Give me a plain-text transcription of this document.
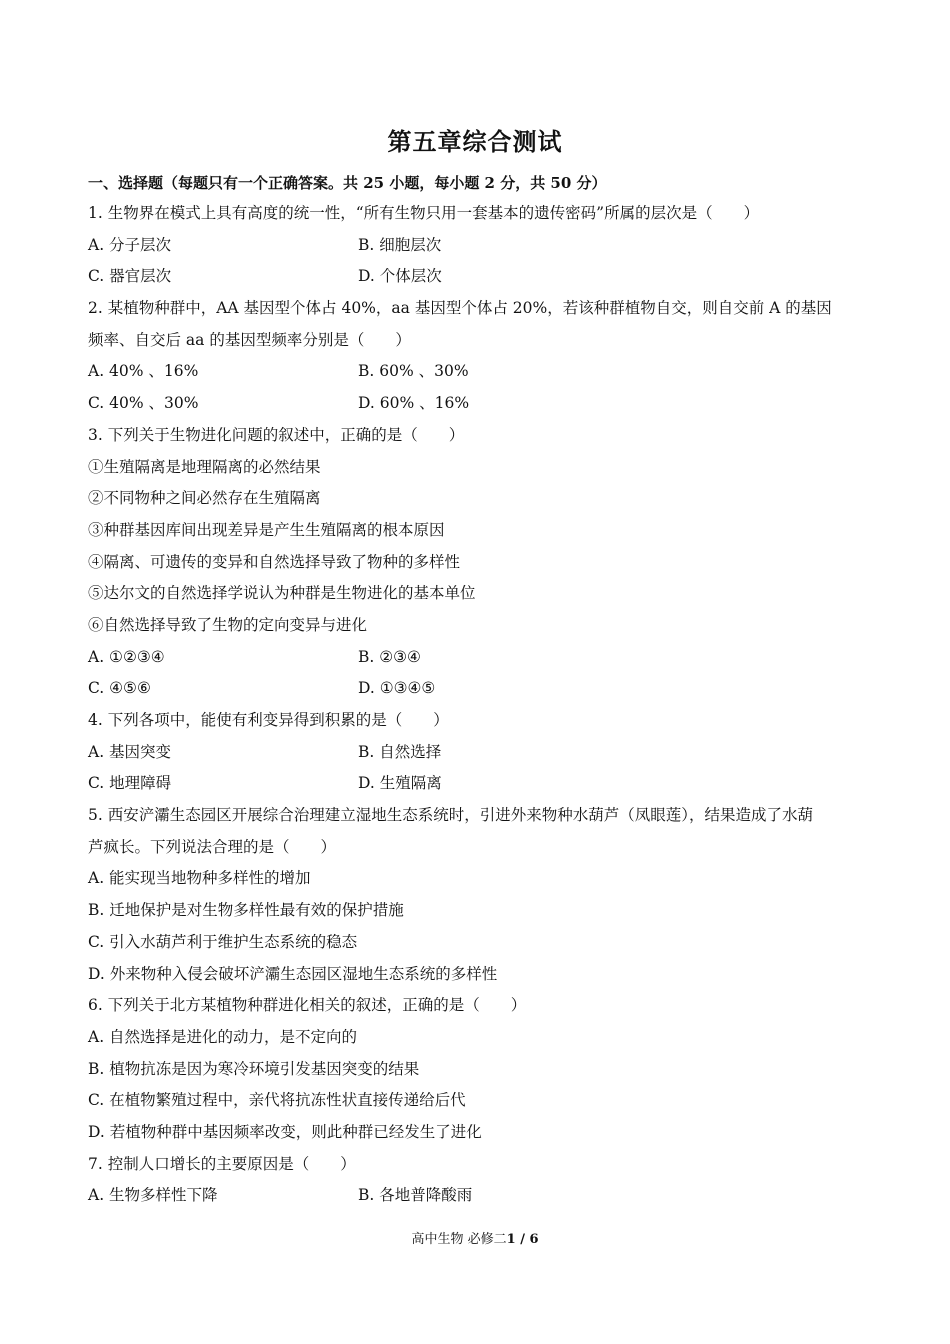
第五章综合测试
一、选择题（每题只有一个正确答案。共 25 小题，每小题 2 分，共 50 分）
1. 生物界在模式上具有高度的统一性，“所有生物只用一套基本的遗传密码”所属的层次是（　　）
A. 分子层次	B. 细胞层次
C. 器官层次	D. 个体层次
2. 某植物种群中，AA 基因型个体占 40%，aa 基因型个体占 20%，若该种群植物自交，则自交前 A 的基因
频率、自交后 aa 的基因型频率分别是（　　）
A. 40% 、16%	B. 60% 、30%
C. 40% 、30%	D. 60% 、16%
3. 下列关于生物进化问题的叙述中，正确的是（　　）
①生殖隔离是地理隔离的必然结果
②不同物种之间必然存在生殖隔离
③种群基因库间出现差异是产生生殖隔离的根本原因
④隔离、可遗传的变异和自然选择导致了物种的多样性
⑤达尔文的自然选择学说认为种群是生物进化的基本单位
⑥自然选择导致了生物的定向变异与进化
A. ①②③④	B. ②③④
C. ④⑤⑥	D. ①③④⑤
4. 下列各项中，能使有利变异得到积累的是（　　）
A. 基因突变	B. 自然选择
C. 地理障碍	D. 生殖隔离
5. 西安浐灞生态园区开展综合治理建立湿地生态系统时，引进外来物种水葫芦（凤眼莲），结果造成了水葫
芦疯长。下列说法合理的是（　　）
A. 能实现当地物种多样性的增加
B. 迁地保护是对生物多样性最有效的保护措施
C. 引入水葫芦利于维护生态系统的稳态
D. 外来物种入侵会破坏浐灞生态园区湿地生态系统的多样性
6. 下列关于北方某植物种群进化相关的叙述，正确的是（　　）
A. 自然选择是进化的动力，是不定向的
B. 植物抗冻是因为寒冷环境引发基因突变的结果
C. 在植物繁殖过程中，亲代将抗冻性状直接传递给后代
D. 若植物种群中基因频率改变，则此种群已经发生了进化
7. 控制人口增长的主要原因是（　　）
A. 生物多样性下降	B. 各地普降酸雨
高中生物 必修二1 / 6
